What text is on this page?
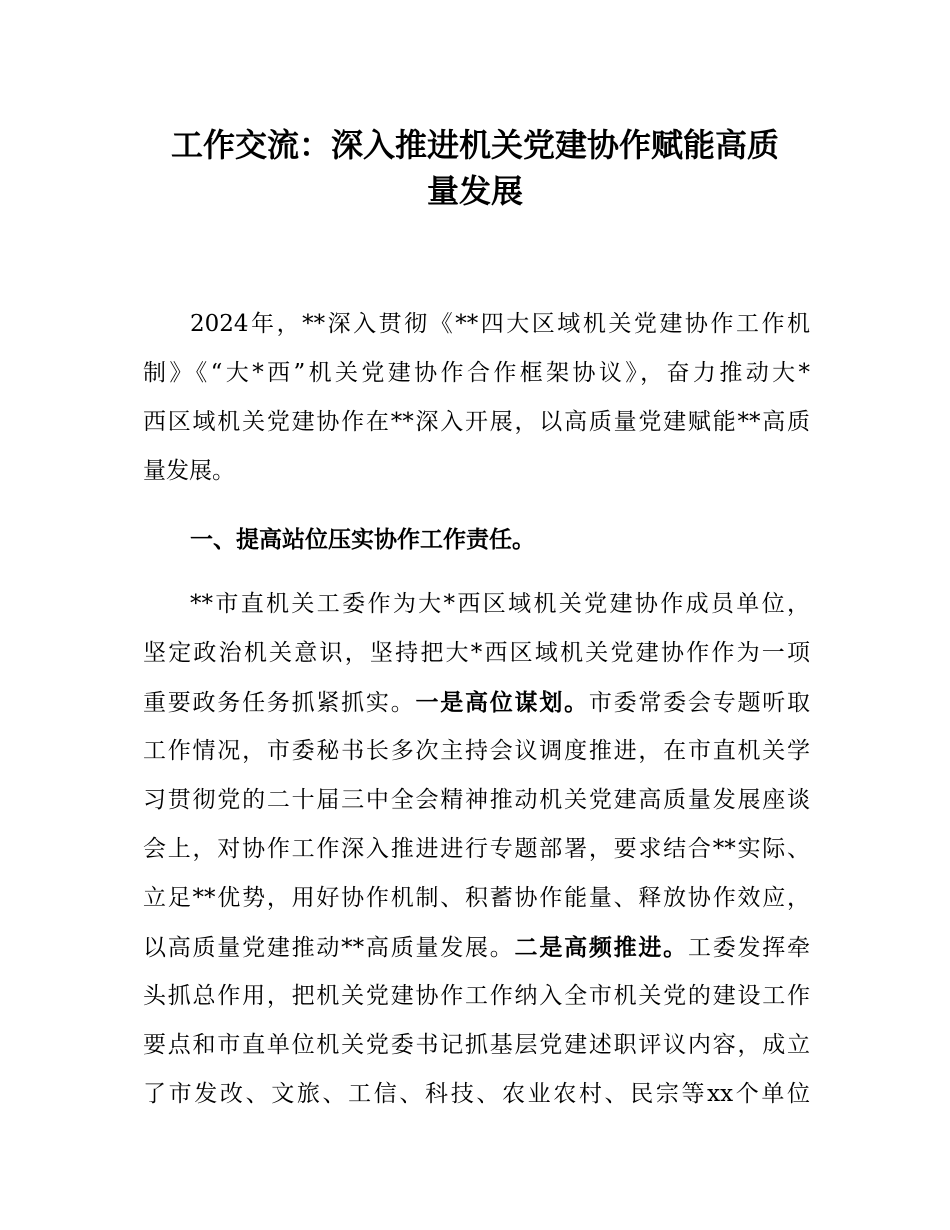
工作交流：深入推进机关党建协作赋能高质
量发展
2024年，**深入贯彻《**四大区域机关党建协作工作机
制》《“大*西”机关党建协作合作框架协议》，奋力推动大*
西区域机关党建协作在**深入开展，以高质量党建赋能**高质
量发展。
一、提高站位压实协作工作责任。
**市直机关工委作为大*西区域机关党建协作成员单位，
坚定政治机关意识，坚持把大*西区域机关党建协作作为一项
重要政务任务抓紧抓实。一是高位谋划。市委常委会专题听取
工作情况，市委秘书长多次主持会议调度推进，在市直机关学
习贯彻党的二十届三中全会精神推动机关党建高质量发展座谈
会上，对协作工作深入推进进行专题部署，要求结合**实际、
立足**优势，用好协作机制、积蓄协作能量、释放协作效应，
以高质量党建推动**高质量发展。二是高频推进。工委发挥牵
头抓总作用，把机关党建协作工作纳入全市机关党的建设工作
要点和市直单位机关党委书记抓基层党建述职评议内容，成立
了市发改、文旅、工信、科技、农业农村、民宗等xx个单位
